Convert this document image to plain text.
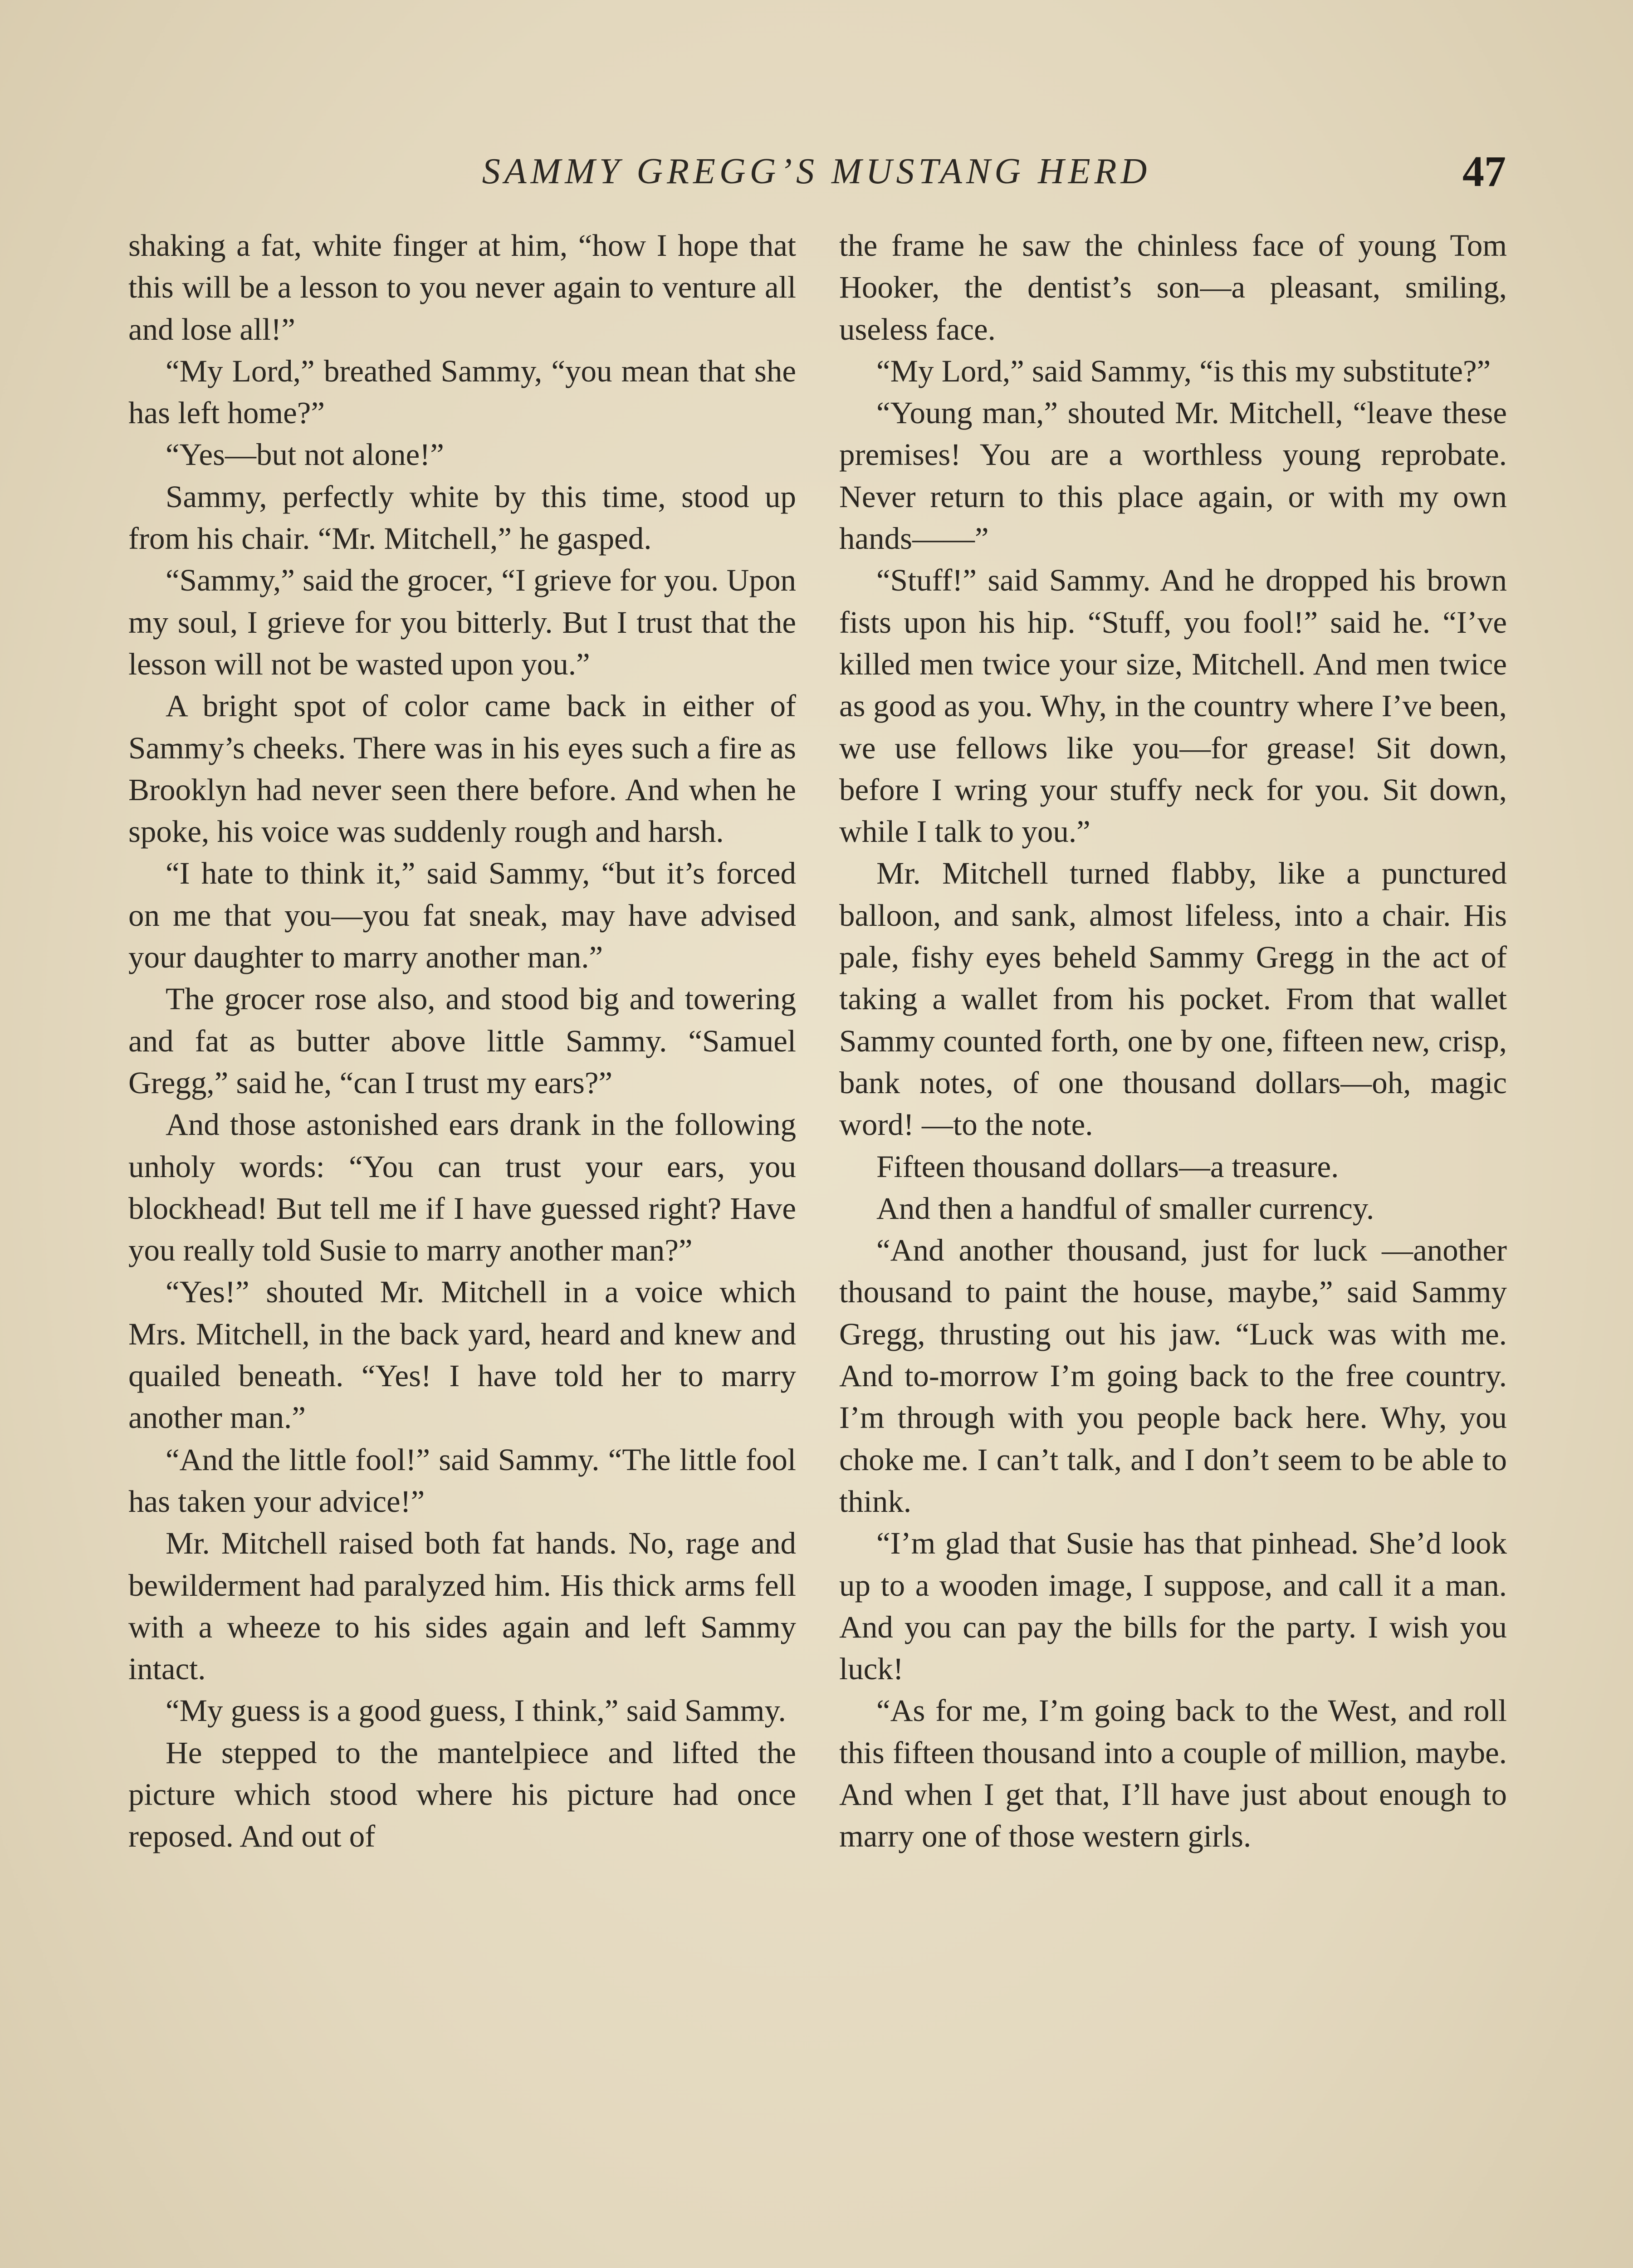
SAMMY GREGG’S MUSTANG HERD	47

shaking a fat, white finger at him, “how I hope that this will be a lesson to you never again to venture all and lose all!”

“My Lord,” breathed Sammy, “you mean that she has left home?”

“Yes—but not alone!”

Sammy, perfectly white by this time, stood up from his chair. “Mr. Mitchell,” he gasped.

“Sammy,” said the grocer, “I grieve for you. Upon my soul, I grieve for you bitterly. But I trust that the lesson will not be wasted upon you.”

A bright spot of color came back in either of Sammy’s cheeks. There was in his eyes such a fire as Brooklyn had never seen there before. And when he spoke, his voice was suddenly rough and harsh.

“I hate to think it,” said Sammy, “but it’s forced on me that you—you fat sneak, may have advised your daughter to marry another man.”

The grocer rose also, and stood big and towering and fat as butter above little Sammy. “Samuel Gregg,” said he, “can I trust my ears?”

And those astonished ears drank in the following unholy words: “You can trust your ears, you blockhead! But tell me if I have guessed right? Have you really told Susie to marry another man?”

“Yes!” shouted Mr. Mitchell in a voice which Mrs. Mitchell, in the back yard, heard and knew and quailed beneath. “Yes! I have told her to marry another man.”

“And the little fool!” said Sammy. “The little fool has taken your advice!”

Mr. Mitchell raised both fat hands. No, rage and bewilderment had paralyzed him. His thick arms fell with a wheeze to his sides again and left Sammy intact.

“My guess is a good guess, I think,” said Sammy.

He stepped to the mantelpiece and lifted the picture which stood where his picture had once reposed. And out of

the frame he saw the chinless face of young Tom Hooker, the dentist’s son—a pleasant, smiling, useless face.

“My Lord,” said Sammy, “is this my substitute?”

“Young man,” shouted Mr. Mitchell, “leave these premises! You are a worthless young reprobate. Never return to this place again, or with my own hands——”

“Stuff!” said Sammy. And he dropped his brown fists upon his hip. “Stuff, you fool!” said he. “I’ve killed men twice your size, Mitchell. And men twice as good as you. Why, in the country where I’ve been, we use fellows like you—for grease! Sit down, before I wring your stuffy neck for you. Sit down, while I talk to you.”

Mr. Mitchell turned flabby, like a punctured balloon, and sank, almost lifeless, into a chair. His pale, fishy eyes beheld Sammy Gregg in the act of taking a wallet from his pocket. From that wallet Sammy counted forth, one by one, fifteen new, crisp, bank notes, of one thousand dollars—oh, magic word! —to the note.

Fifteen thousand dollars—a treasure.

And then a handful of smaller currency.

“And another thousand, just for luck —another thousand to paint the house, maybe,” said Sammy Gregg, thrusting out his jaw. “Luck was with me. And to-morrow I’m going back to the free country. I’m through with you people back here. Why, you choke me. I can’t talk, and I don’t seem to be able to think.

“I’m glad that Susie has that pinhead. She’d look up to a wooden image, I suppose, and call it a man. And you can pay the bills for the party. I wish you luck!

“As for me, I’m going back to the West, and roll this fifteen thousand into a couple of million, maybe. And when I get that, I’ll have just about enough to marry one of those western girls.
